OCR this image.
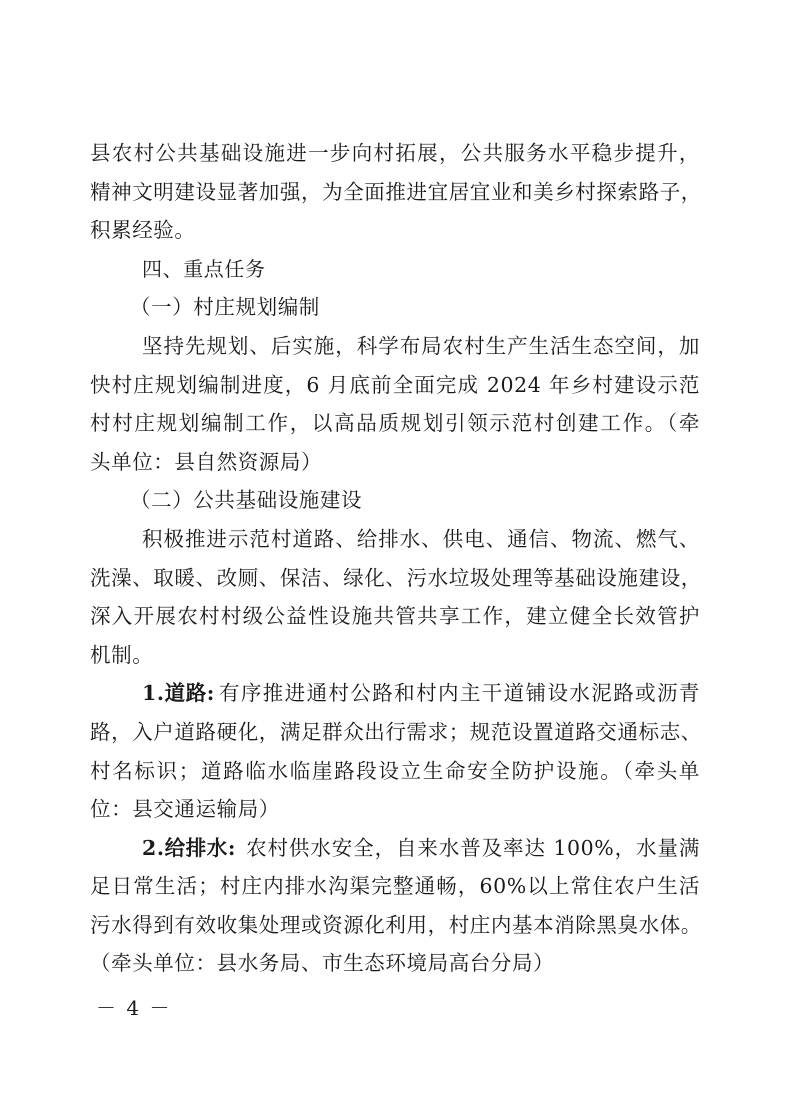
县农村公共基础设施进一步向村拓展，公共服务水平稳步提升，
精神文明建设显著加强，为全面推进宜居宜业和美乡村探索路子，
积累经验。
四、重点任务
（一）村庄规划编制
坚持先规划、后实施，科学布局农村生产生活生态空间，加
快村庄规划编制进度，6 月底前全面完成 2024 年乡村建设示范
村村庄规划编制工作，以高品质规划引领示范村创建工作。（牵
头单位：县自然资源局）
（二）公共基础设施建设
积极推进示范村道路、给排水、供电、通信、物流、燃气、
洗澡、取暖、改厕、保洁、绿化、污水垃圾处理等基础设施建设，
深入开展农村村级公益性设施共管共享工作，建立健全长效管护
机制。
1.道路: 有序推进通村公路和村内主干道铺设水泥路或沥青
路，入户道路硬化，满足群众出行需求；规范设置道路交通标志、
村名标识；道路临水临崖路段设立生命安全防护设施。（牵头单
位：县交通运输局）
2.给排水: 农村供水安全，自来水普及率达 100%，水量满
足日常生活；村庄内排水沟渠完整通畅，60%以上常住农户生活
污水得到有效收集处理或资源化利用，村庄内基本消除黑臭水体。
（牵头单位：县水务局、市生态环境局高台分局）
－ 4 －
